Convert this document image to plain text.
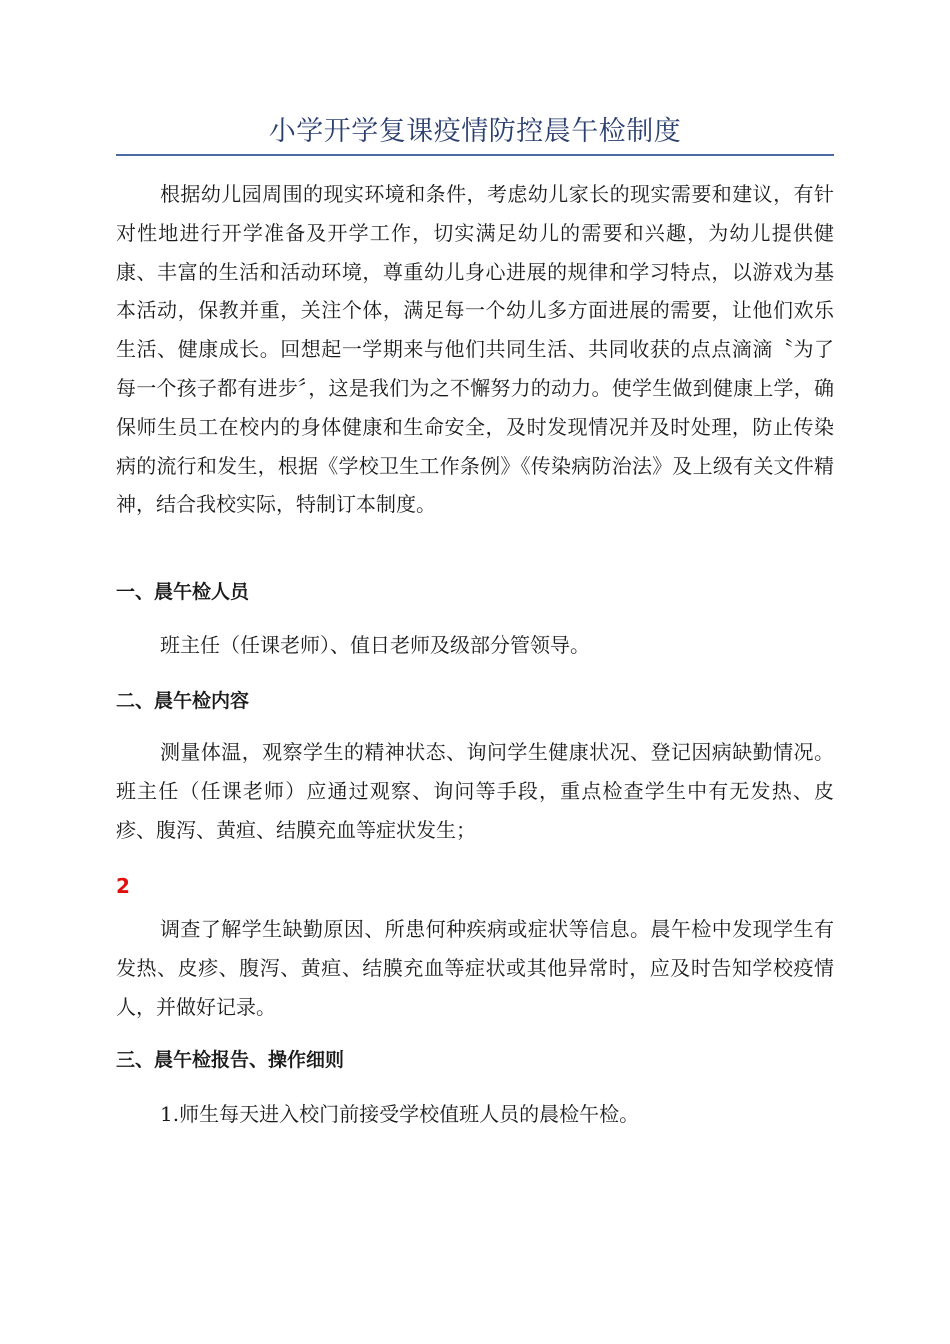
小学开学复课疫情防控晨午检制度

根据幼儿园周围的现实环境和条件，考虑幼儿家长的现实需要和建议，有针对性地进行开学准备及开学工作，切实满足幼儿的需要和兴趣，为幼儿提供健康、丰富的生活和活动环境，尊重幼儿身心进展的规律和学习特点，以游戏为基本活动，保教并重，关注个体，满足每一个幼儿多方面进展的需要，让他们欢乐生活、健康成长。回想起一学期来与他们共同生活、共同收获的点点滴滴〝为了每一个孩子都有进步〞，这是我们为之不懈努力的动力。使学生做到健康上学，确保师生员工在校内的身体健康和生命安全，及时发现情况并及时处理，防止传染病的流行和发生，根据《学校卫生工作条例》《传染病防治法》及上级有关文件精神，结合我校实际，特制订本制度。

一、晨午检人员

班主任（任课老师）、值日老师及级部分管领导。

二、晨午检内容

测量体温，观察学生的精神状态、询问学生健康状况、登记因病缺勤情况。班主任（任课老师）应通过观察、询问等手段，重点检查学生中有无发热、皮疹、腹泻、黄疸、结膜充血等症状发生；

2

调查了解学生缺勤原因、所患何种疾病或症状等信息。晨午检中发现学生有发热、皮疹、腹泻、黄疸、结膜充血等症状或其他异常时，应及时告知学校疫情人，并做好记录。

三、晨午检报告、操作细则

1.师生每天进入校门前接受学校值班人员的晨检午检。
